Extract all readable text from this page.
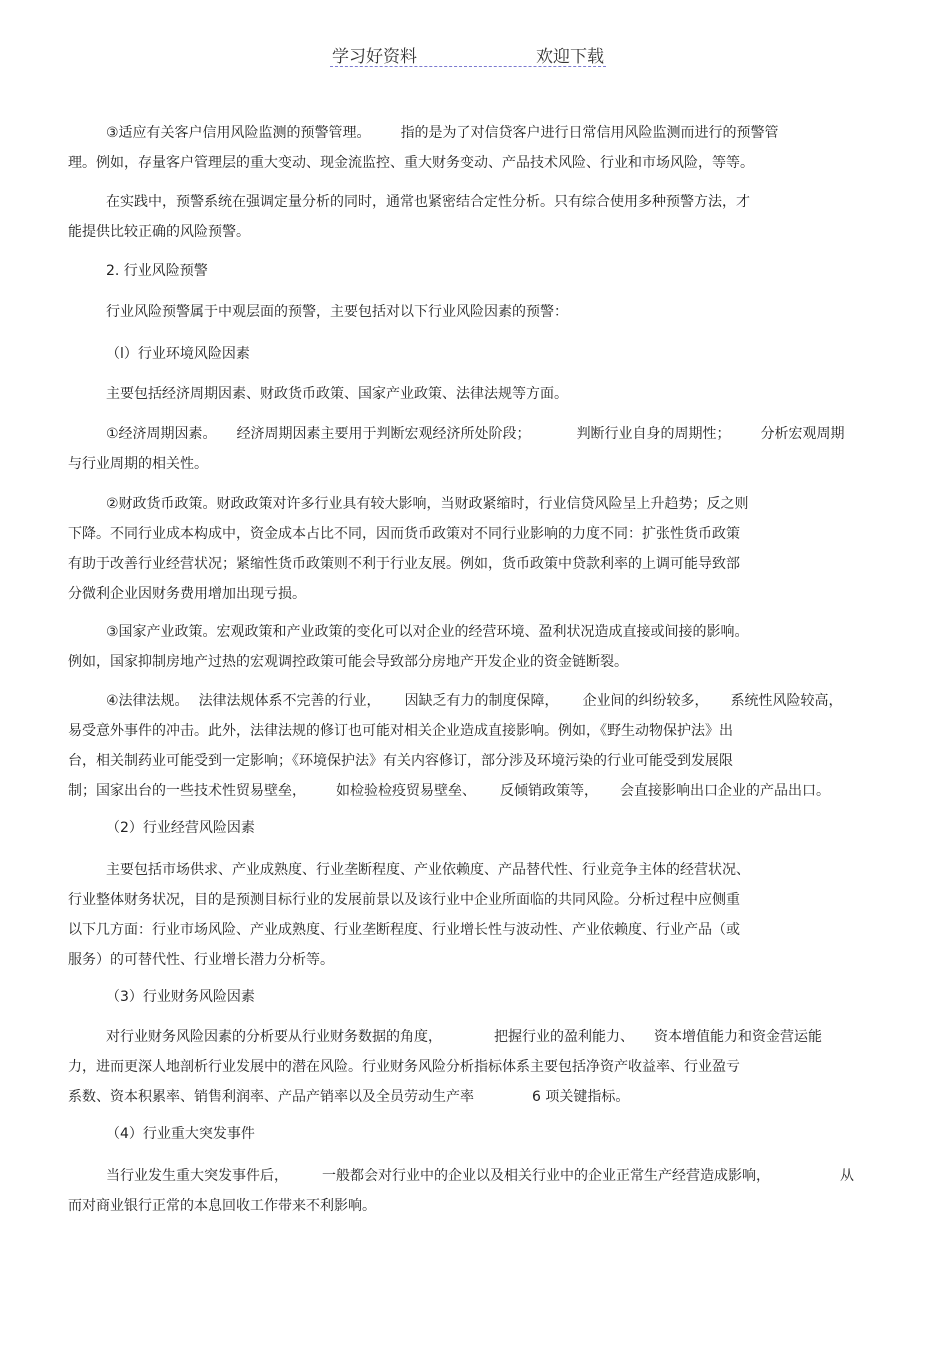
学习好资料	欢迎下载
③适应有关客户信用风险监测的预警管理。 指的是为了对信贷客户进行日常信用风险监测而进行的预警管
理。例如，存量客户管理层的重大变动、现金流监控、重大财务变动、产品技术风险、行业和市场风险，等等。
在实践中，预警系统在强调定量分析的同时，通常也紧密结合定性分析。只有综合使用多种预警方法，才
能提供比较正确的风险预警。
2. 行业风险预警
行业风险预警属于中观层面的预警，主要包括对以下行业风险因素的预警：
（l）行业环境风险因素
主要包括经济周期因素、财政货币政策、国家产业政策、法律法规等方面。
①经济周期因素。 经济周期因素主要用于判断宏观经济所处阶段；	判断行业自身的周期性； 分析宏观周期
与行业周期的相关性。
②财政货币政策。财政政策对许多行业具有较大影响，当财政紧缩时，行业信贷风险呈上升趋势；反之则
下降。不同行业成本构成中，资金成本占比不同，因而货币政策对不同行业影响的力度不同：扩张性货币政策
有助于改善行业经营状况；紧缩性货币政策则不利于行业友展。例如，货币政策中贷款利率的上调可能导致部
分微利企业因财务费用增加出现亏损。
③国家产业政策。宏观政策和产业政策的变化可以对企业的经营环境、盈利状况造成直接或间接的影响。
例如，国家抑制房地产过热的宏观调控政策可能会导致部分房地产开发企业的资金链断裂。
④法律法规。 法律法规体系不完善的行业， 因缺乏有力的制度保障， 企业间的纠纷较多， 系统性风险较高，
易受意外事件的冲击。此外，法律法规的修订也可能对相关企业造成直接影响。例如，《野生动物保护法》出
台，相关制药业可能受到一定影响；《环境保护法》有关内容修订，部分涉及环境污染的行业可能受到发展限
制；国家出台的一些技术性贸易壁垒， 如检验检疫贸易壁垒、 反倾销政策等， 会直接影响出口企业的产品出口。
（2）行业经营风险因素
主要包括市场供求、产业成熟度、行业垄断程度、产业依赖度、产品替代性、行业竞争主体的经营状况、
行业整体财务状况，目的是预测目标行业的发展前景以及该行业中企业所面临的共同风险。分析过程中应侧重
以下几方面：行业市场风险、产业成熟度、行业垄断程度、行业增长性与波动性、产业依赖度、行业产品（或
服务）的可替代性、行业增长潜力分析等。
（3）行业财务风险因素
对行业财务风险因素的分析要从行业财务数据的角度，	把握行业的盈利能力、 资本增值能力和资金营运能
力，进而更深人地剖析行业发展中的潜在风险。行业财务风险分析指标体系主要包括净资产收益率、行业盈亏
系数、资本积累率、销售利润率、产品产销率以及全员劳动生产率	6 项关键指标。
（4）行业重大突发事件
当行业发生重大突发事件后， 一般都会对行业中的企业以及相关行业中的企业正常生产经营造成影响，	从
而对商业银行正常的本息回收工作带来不利影响。
